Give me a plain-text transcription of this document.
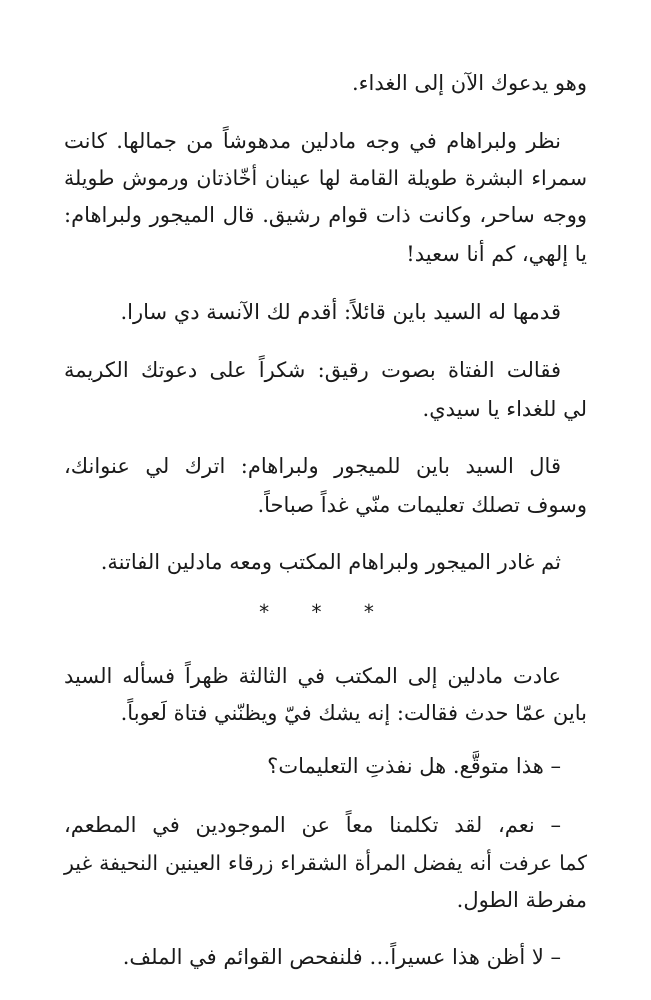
وهو يدعوك الآن إلى الغداء.
نظر ولبراهام في وجه مادلين مدهوشاً من جمالها. كانت
سمراء البشرة طويلة القامة لها عينان أخّاذتان ورموش طويلة
ووجه ساحر، وكانت ذات قوام رشيق. قال الميجور ولبراهام:
يا إلهي، كم أنا سعيد!
قدمها له السيد باين قائلاً: أقدم لك الآنسة دي سارا.
فقالت الفتاة بصوت رقيق: شكراً على دعوتك الكريمة
لي للغداء يا سيدي.
قال السيد باين للميجور ولبراهام: اترك لي عنوانك،
وسوف تصلك تعليمات منّي غداً صباحاً.
ثم غادر الميجور ولبراهام المكتب ومعه مادلين الفاتنة.
* * *
عادت مادلين إلى المكتب في الثالثة ظهراً فسأله السيد
باين عمّا حدث فقالت: إنه يشك فيّ ويظنّني فتاة لَعوباً.
– هذا متوقَّع. هل نفذتِ التعليمات؟
– نعم، لقد تكلمنا معاً عن الموجودين في المطعم،
كما عرفت أنه يفضل المرأة الشقراء زرقاء العينين النحيفة غير
مفرطة الطول.
– لا أظن هذا عسيراً… فلنفحص القوائم في الملف.
